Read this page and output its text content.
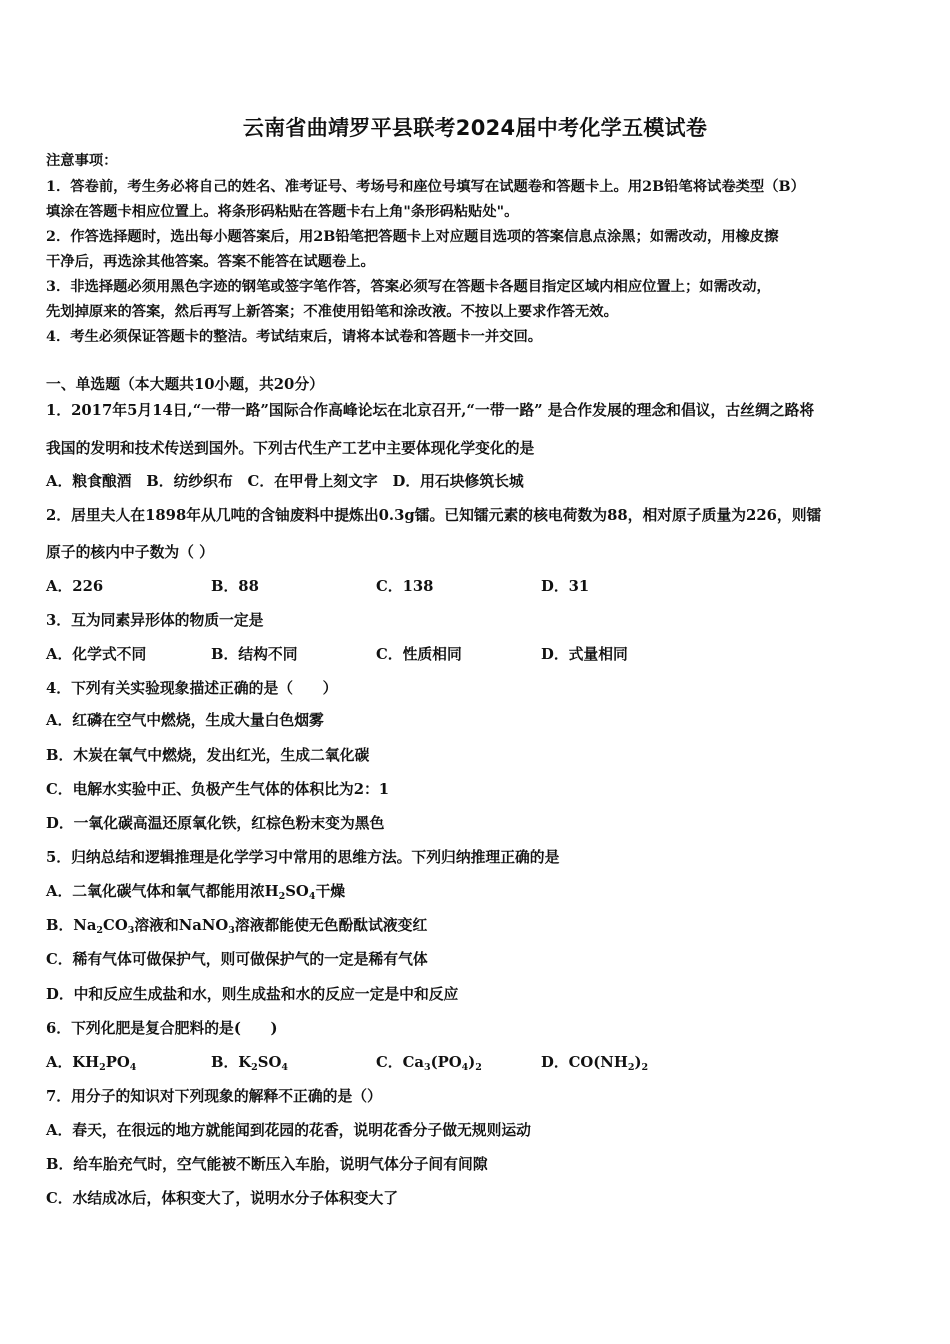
云南省曲靖罗平县联考2024届中考化学五模试卷
注意事项：
1．答卷前，考生务必将自己的姓名、准考证号、考场号和座位号填写在试题卷和答题卡上。用2B铅笔将试卷类型（B）
填涂在答题卡相应位置上。将条形码粘贴在答题卡右上角"条形码粘贴处"。
2．作答选择题时，选出每小题答案后，用2B铅笔把答题卡上对应题目选项的答案信息点涂黑；如需改动，用橡皮擦
干净后，再选涂其他答案。答案不能答在试题卷上。
3．非选择题必须用黑色字迹的钢笔或签字笔作答，答案必须写在答题卡各题目指定区域内相应位置上；如需改动，
先划掉原来的答案，然后再写上新答案；不准使用铅笔和涂改液。不按以上要求作答无效。
4．考生必须保证答题卡的整洁。考试结束后，请将本试卷和答题卡一并交回。
一、单选题（本大题共10小题，共20分）
1．2017年5月14日,“一带一路”国际合作高峰论坛在北京召开,“一带一路” 是合作发展的理念和倡议，古丝绸之路将
我国的发明和技术传送到国外。下列古代生产工艺中主要体现化学变化的是
A．粮食酿酒　B．纺纱织布　C．在甲骨上刻文字　D．用石块修筑长城
2．居里夫人在1898年从几吨的含铀废料中提炼出0.3g镭。已知镭元素的核电荷数为88，相对原子质量为226，则镭
原子的核内中子数为（ ）
A．226	B．88	C．138	D．31
3．互为同素异形体的物质一定是
A．化学式不同	B．结构不同	C．性质相同	D．式量相同
4．下列有关实验现象描述正确的是（　　）
A．红磷在空气中燃烧，生成大量白色烟雾
B．木炭在氧气中燃烧，发出红光，生成二氧化碳
C．电解水实验中正、负极产生气体的体积比为2：1
D．一氧化碳高温还原氧化铁，红棕色粉末变为黑色
5．归纳总结和逻辑推理是化学学习中常用的思维方法。下列归纳推理正确的是
A．二氧化碳气体和氧气都能用浓$H_2SO_4$干燥
B．$Na_2CO_3$溶液和NaNO$_3$溶液都能使无色酚酞试液变红
C．稀有气体可做保护气，则可做保护气的一定是稀有气体
D．中和反应生成盐和水，则生成盐和水的反应一定是中和反应
6．下列化肥是复合肥料的是(　　)
A．$KH_2PO_4$	B．$K_2SO_4$	C．$Ca_3(PO_4)_2$	D．$CO(NH_2)_2$
7．用分子的知识对下列现象的解释不正确的是（）
A．春天，在很远的地方就能闻到花园的花香，说明花香分子做无规则运动
B．给车胎充气时，空气能被不断压入车胎，说明气体分子间有间隙
C．水结成冰后，体积变大了，说明水分子体积变大了
